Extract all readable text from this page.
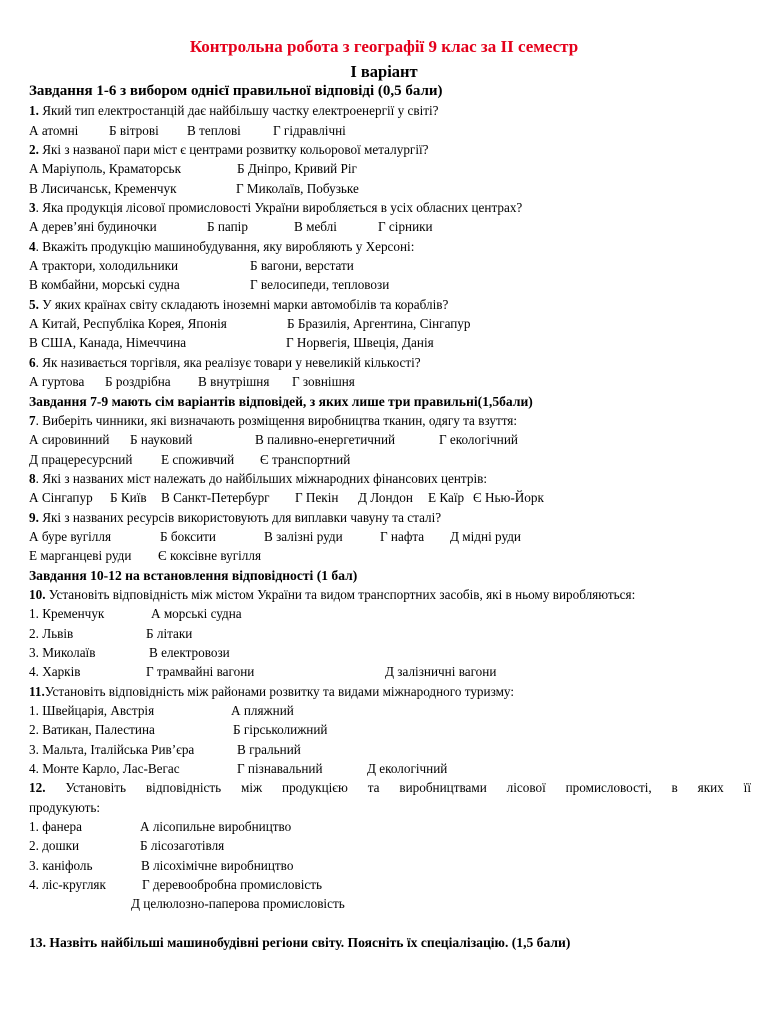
Контрольна робота з географії 9 клас за ІІ семестр
І варіант
Завдання 1-6 з вибором однієї правильної відповіді (0,5 бали)
1. Який тип електростанцій дає найбільшу частку електроенергії у світі?

А атомні

Б вітрові

В теплові

Г гідравлічні

2. Які з названої пари міст є центрами розвитку кольорової металургії?

А Маріуполь, Краматорськ

	Б Дніпро, Кривий Ріг

В Лисичанськ, Кременчук

	Г Миколаїв, Побузьке

3. Яка продукція лісової промисловості України виробляється в усіх обласних центрах?

А дерев’яні будиночки

	Б папір

	В меблі

	Г сірники

4. Вкажіть продукцію машинобудування, яку виробляють у Херсоні:

А трактори, холодильники

	Б вагони, верстати

В комбайни, морські судна

	Г велосипеди, тепловози

5. У яких країнах світу складають іноземні марки автомобілів та кораблів?

А Китай, Республіка Корея, Японія

	Б Бразилія, Аргентина, Сінгапур

В США, Канада, Німеччина

	Г Норвегія, Швеція, Данія

6. Як називається торгівля, яка реалізує товари у невеликій кількості?

А гуртова

Б роздрібна

В внутрішня

Г зовнішня

Завдання 7-9 мають сім варіантів відповідей, з яких лише три правильні(1,5бали)
7. Виберіть чинники, які визначають розміщення виробництва тканин, одягу та взуття:

А сировинний

Б науковий

	В паливно-енергетичний

	Г екологічний

Д працересурсний

Е споживчий

Є транспортний

8. Які з названих міст належать до найбільших міжнародних фінансових центрів:

А Сінгапур

Б Київ

В Санкт-Петербург

Г Пекін

Д Лондон

Е Каїр

Є Нью-Йорк

9. Які з названих ресурсів використовують для виплавки чавуну та сталі?

А буре вугілля

	Б боксити

	В залізні руди

	Г нафта

Д мідні руди

Е марганцеві руди

Є коксівне вугілля

Завдання 10-12 на встановлення відповідності (1 бал)
10. Установіть відповідність між містом України та видом транспортних засобів, які в ньому виробляються:

1. Кременчук

	А морські судна

2. Львів

	Б літаки

3. Миколаїв

	В електровози

4. Харків

	Г трамвайні вагони

	Д залізничні вагони

11.Установіть відповідність між районами розвитку та видами міжнародного туризму:

1. Швейцарія, Австрія

	А пляжний

2. Ватикан, Палестина

	Б гірськолижний

3. Мальта, Італійська Рив’єра

	В гральний

4. Монте Карло, Лас-Вегас

	Г пізнавальний

	Д екологічний

12. Установіть відповідність між продукцією та виробництвами лісової промисловості, в яких її
продукують:

1. фанера

	А лісопильне виробництво

2. дошки

	Б лісозаготівля

3. каніфоль

	В лісохімічне виробництво

4. ліс-кругляк

	Г деревообробна промисловість

Д целюлозно-паперова промисловість

13. Назвіть найбільші машинобудівні регіони світу. Поясніть їх спеціалізацію. (1,5 бали)
